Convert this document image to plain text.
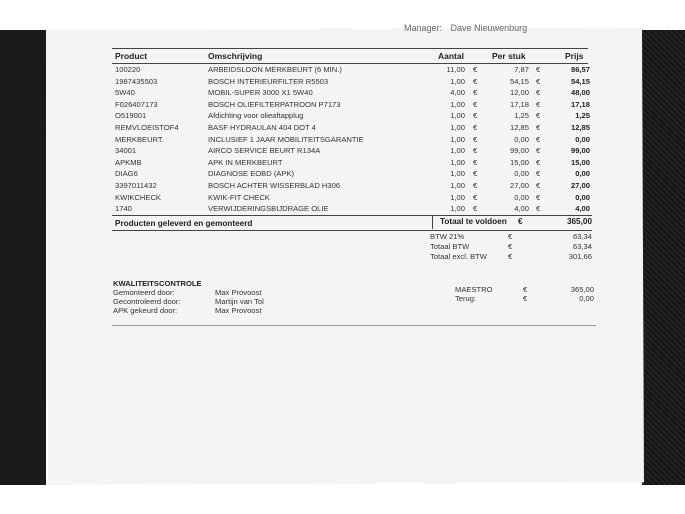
Manager: Dave Nieuwenburg
Product	Omschrijving	Aantal	Per stuk	Prijs
100220	ARBEIDSLOON MERKBEURT (6 MIN.)	11,00 €	7,87 €	86,57
1987435503	BOSCH INTERIEURFILTER R5503	1,00 €	54,15 €	54,15
5W40	MOBIL-SUPER 3000 X1 5W40	4,00 €	12,00 €	48,00
F026407173	BOSCH OLIEFILTERPATROON P7173	1,00 €	17,18 €	17,18
O519001	Afdichting voor olieaftapplug	1,00 €	1,25 €	1,25
REMVLOEISTOF4	BASF HYDRAULAN 404 DOT 4	1,00 €	12,85 €	12,85
MERKBEURT.	INCLUSIEF 1 JAAR MOBILITEITSGARANTIE	1,00 €	0,00 €	0,00
34001	AIRCO SERVICE BEURT R134A	1,00 €	99,00 €	99,00
APKMB	APK IN MERKBEURT	1,00 €	15,00 €	15,00
DIAG6	DIAGNOSE EOBD (APK)	1,00 €	0,00 €	0,00
3397011432	BOSCH ACHTER WISSERBLAD H306	1,00 €	27,00 €	27,00
KWIKCHECK	KWIK-FIT CHECK	1,00 €	0,00 €	0,00
1740	VERWIJDERINGSBIJDRAGE OLIE	1,00 €	4,00 €	4,00
Producten geleverd en gemonteerd	Totaal te voldoen €	365,00
BTW 21%	€	63,34
Totaal BTW	€	63,34
Totaal excl. BTW	€	301,66
MAESTRO	€	365,00
Terug:	€	0,00
KWALITEITSCONTROLE
Gemonteerd door:	Max Provoost
Gecontroleerd door:	Martijn van Tol
APK gekeurd door:	Max Provoost
